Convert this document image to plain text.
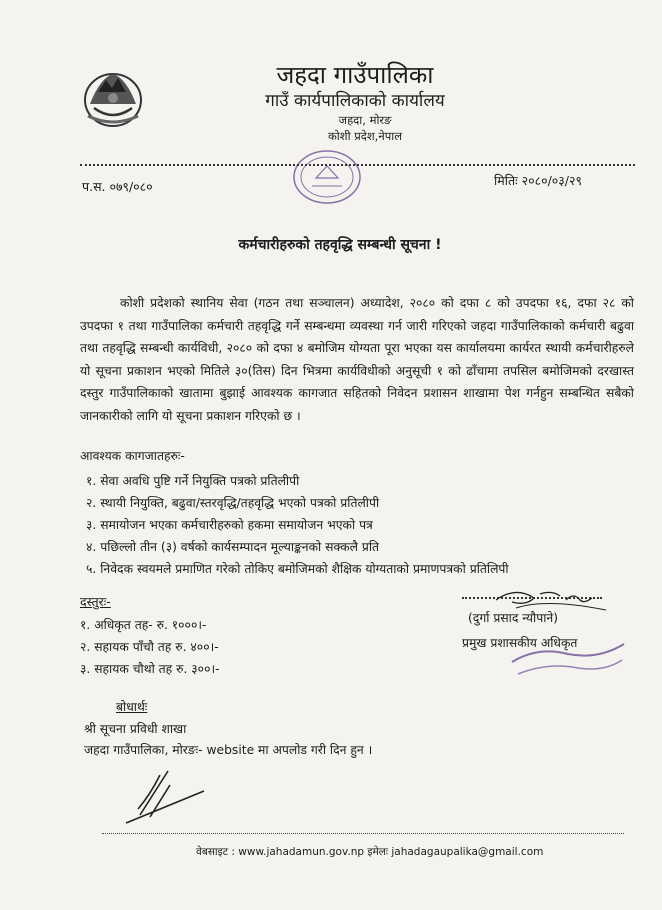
जहदा गाउँपालिका
गाउँ कार्यपालिकाको कार्यालय
जहदा, मोरङ
कोशी प्रदेश,नेपाल
प.स. ०७९/०८०	मितिः २०८०/०३/२९
कर्मचारीहरुको तहवृद्धि सम्बन्धी सूचना !

कोशी प्रदेशको स्थानिय सेवा (गठन तथा सञ्चालन) अध्यादेश, २०८० को दफा ८ को उपदफा १६, दफा २८ को उपदफा १ तथा गाउँपालिका कर्मचारी तहवृद्धि गर्ने सम्बन्धमा व्यवस्था गर्न जारी गरिएको जहदा गाउँपालिकाको कर्मचारी बढुवा तथा तहवृद्धि सम्बन्धी कार्यविधी, २०८० को दफा ४ बमोजिम योग्यता पूरा भएका यस कार्यालयमा कार्यरत स्थायी कर्मचारीहरुले यो सूचना प्रकाशन भएको मितिले ३०(तिस) दिन भित्रमा कार्यविधीको अनुसूची १ को ढाँचामा तपसिल बमोजिमको दरखास्त दस्तुर गाउँपालिकाको खातामा बुझाई आवश्यक कागजात सहितको निवेदन प्रशासन शाखामा पेश गर्नहुन सम्बन्धित सबैको जानकारीको लागि यो सूचना प्रकाशन गरिएको छ ।

आवश्यक कागजातहरुः-
१. सेवा अवधि पुष्टि गर्ने नियुक्ति पत्रको प्रतिलीपी
२. स्थायी नियुक्ति, बढुवा/स्तरवृद्धि/तहवृद्धि भएको पत्रको प्रतिलीपी
३. समायोजन भएका कर्मचारीहरुको हकमा समायोजन भएको पत्र
४. पछिल्लो तीन (३) वर्षको कार्यसम्पादन मूल्याङ्कनको सक्कलै प्रति
५. निवेदक स्वयमले प्रमाणित गरेको तोकिए बमोजिमको शैक्षिक योग्यताको प्रमाणपत्रको प्रतिलिपी
दस्तुरः-
१. अधिकृत तह- रु. १०००।-
२. सहायक पाँचौ तह रु. ४००।-
३. सहायक चौथो तह रु. ३००।-
(दुर्गा प्रसाद न्यौपाने)
प्रमुख प्रशासकीय अधिकृत
बोधार्थः
श्री सूचना प्रविधी शाखा
जहदा गाउँपालिका, मोरङः- website मा अपलोड गरी दिन हुन ।
वेबसाइट : www.jahadamun.gov.np इमेलः jahadagaupalika@gmail.com
